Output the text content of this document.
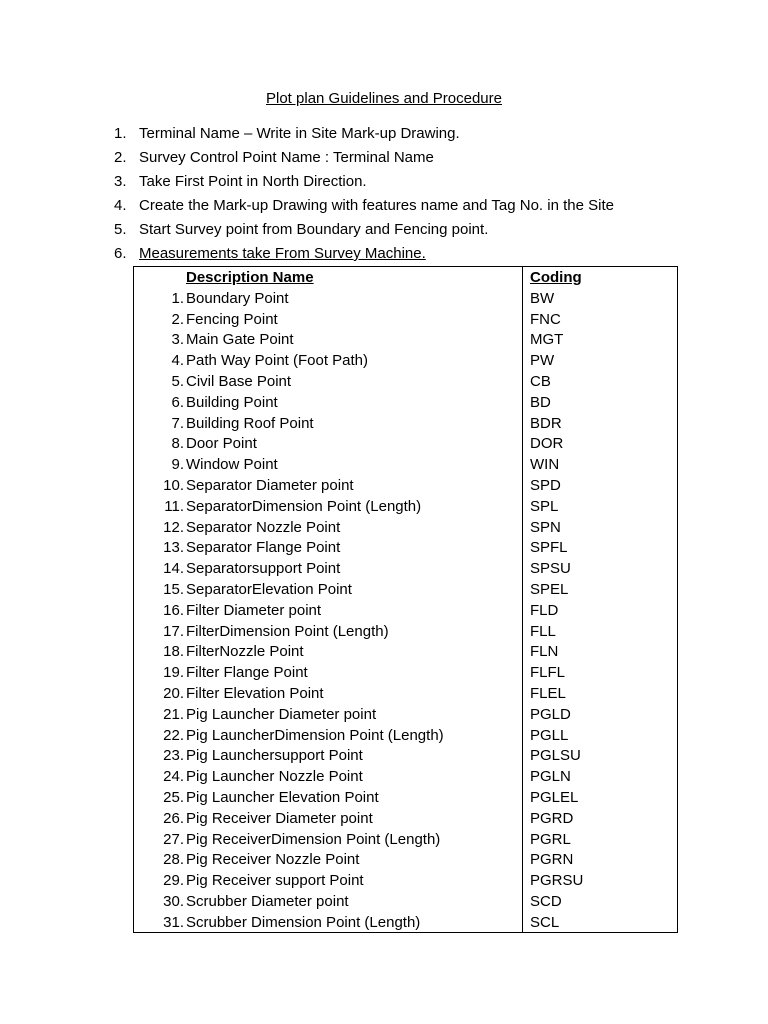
Plot plan Guidelines and Procedure
1. Terminal Name – Write in Site Mark-up Drawing.
2. Survey Control Point Name : Terminal Name
3. Take First Point in North Direction.
4. Create the Mark-up Drawing with features name and Tag No. in the Site
5. Start Survey point from Boundary and Fencing point.
6. Measurements take From Survey Machine.
Description Name	Coding
1. Boundary Point	BW
2. Fencing Point	FNC
3. Main Gate Point	MGT
4. Path Way Point (Foot Path)	PW
5. Civil Base Point	CB
6. Building Point	BD
7. Building Roof Point	BDR
8. Door Point	DOR
9. Window Point	WIN
10. Separator Diameter point	SPD
11. SeparatorDimension Point (Length)	SPL
12. Separator Nozzle Point	SPN
13. Separator Flange Point	SPFL
14. Separatorsupport Point	SPSU
15. SeparatorElevation Point	SPEL
16. Filter Diameter point	FLD
17. FilterDimension Point (Length)	FLL
18. FilterNozzle Point	FLN
19. Filter Flange Point	FLFL
20. Filter Elevation Point	FLEL
21. Pig Launcher Diameter point	PGLD
22. Pig LauncherDimension Point (Length)	PGLL
23. Pig Launchersupport Point	PGLSU
24. Pig Launcher Nozzle Point	PGLN
25. Pig Launcher Elevation Point	PGLEL
26. Pig Receiver Diameter point	PGRD
27. Pig ReceiverDimension Point (Length)	PGRL
28. Pig Receiver Nozzle Point	PGRN
29. Pig Receiver support Point	PGRSU
30. Scrubber Diameter point	SCD
31. Scrubber Dimension Point (Length)	SCL
